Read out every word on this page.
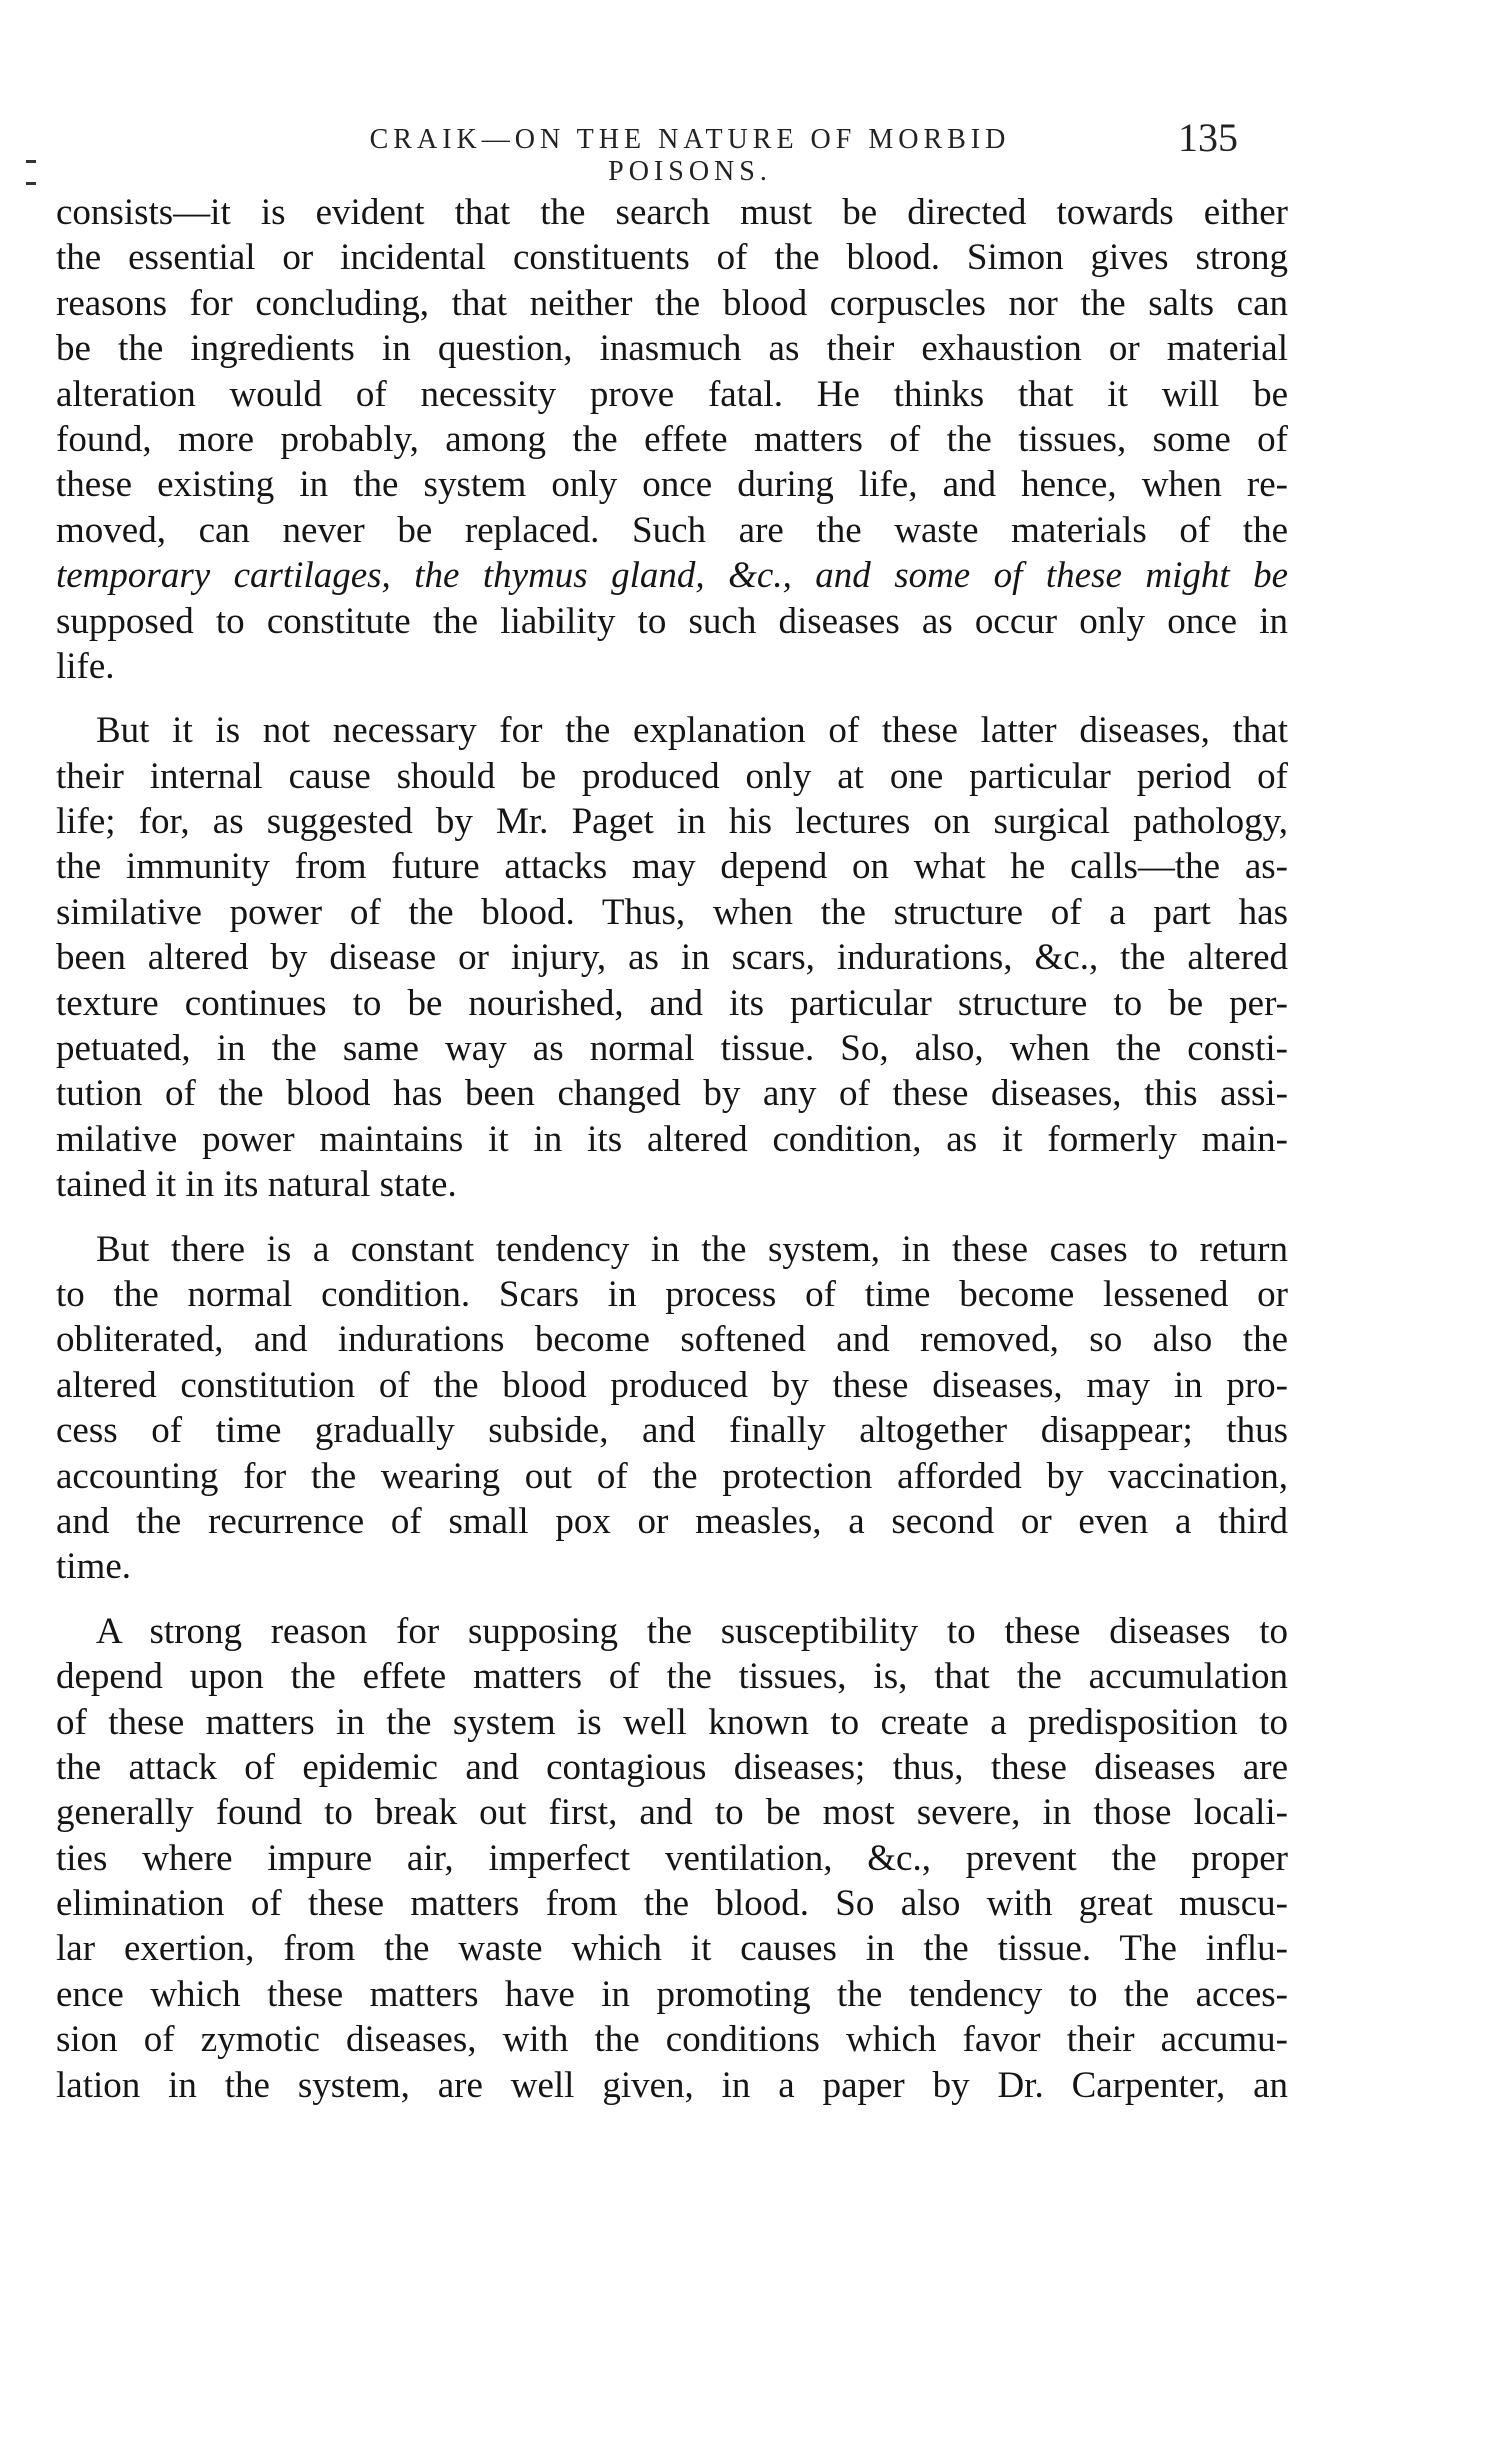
CRAIK—ON THE NATURE OF MORBID POISONS.
135
consists—it is evident that the search must be directed towards either
the essential or incidental constituents of the blood. Simon gives strong
reasons for concluding, that neither the blood corpuscles nor the salts can
be the ingredients in question, inasmuch as their exhaustion or material
alteration would of necessity prove fatal. He thinks that it will be
found, more probably, among the effete matters of the tissues, some of
these existing in the system only once during life, and hence, when re-
moved, can never be replaced. Such are the waste materials of the
temporary cartilages, the thymus gland, &c., and some of these might be
supposed to constitute the liability to such diseases as occur only once in
life.
But it is not necessary for the explanation of these latter diseases, that
their internal cause should be produced only at one particular period of
life; for, as suggested by Mr. Paget in his lectures on surgical pathology,
the immunity from future attacks may depend on what he calls—the as-
similative power of the blood. Thus, when the structure of a part has
been altered by disease or injury, as in scars, indurations, &c., the altered
texture continues to be nourished, and its particular structure to be per-
petuated, in the same way as normal tissue. So, also, when the consti-
tution of the blood has been changed by any of these diseases, this assi-
milative power maintains it in its altered condition, as it formerly main-
tained it in its natural state.
But there is a constant tendency in the system, in these cases to return
to the normal condition. Scars in process of time become lessened or
obliterated, and indurations become softened and removed, so also the
altered constitution of the blood produced by these diseases, may in pro-
cess of time gradually subside, and finally altogether disappear; thus
accounting for the wearing out of the protection afforded by vaccination,
and the recurrence of small pox or measles, a second or even a third
time.
A strong reason for supposing the susceptibility to these diseases to
depend upon the effete matters of the tissues, is, that the accumulation
of these matters in the system is well known to create a predisposition to
the attack of epidemic and contagious diseases; thus, these diseases are
generally found to break out first, and to be most severe, in those locali-
ties where impure air, imperfect ventilation, &c., prevent the proper
elimination of these matters from the blood. So also with great muscu-
lar exertion, from the waste which it causes in the tissue. The influ-
ence which these matters have in promoting the tendency to the acces-
sion of zymotic diseases, with the conditions which favor their accumu-
lation in the system, are well given, in a paper by Dr. Carpenter, an
